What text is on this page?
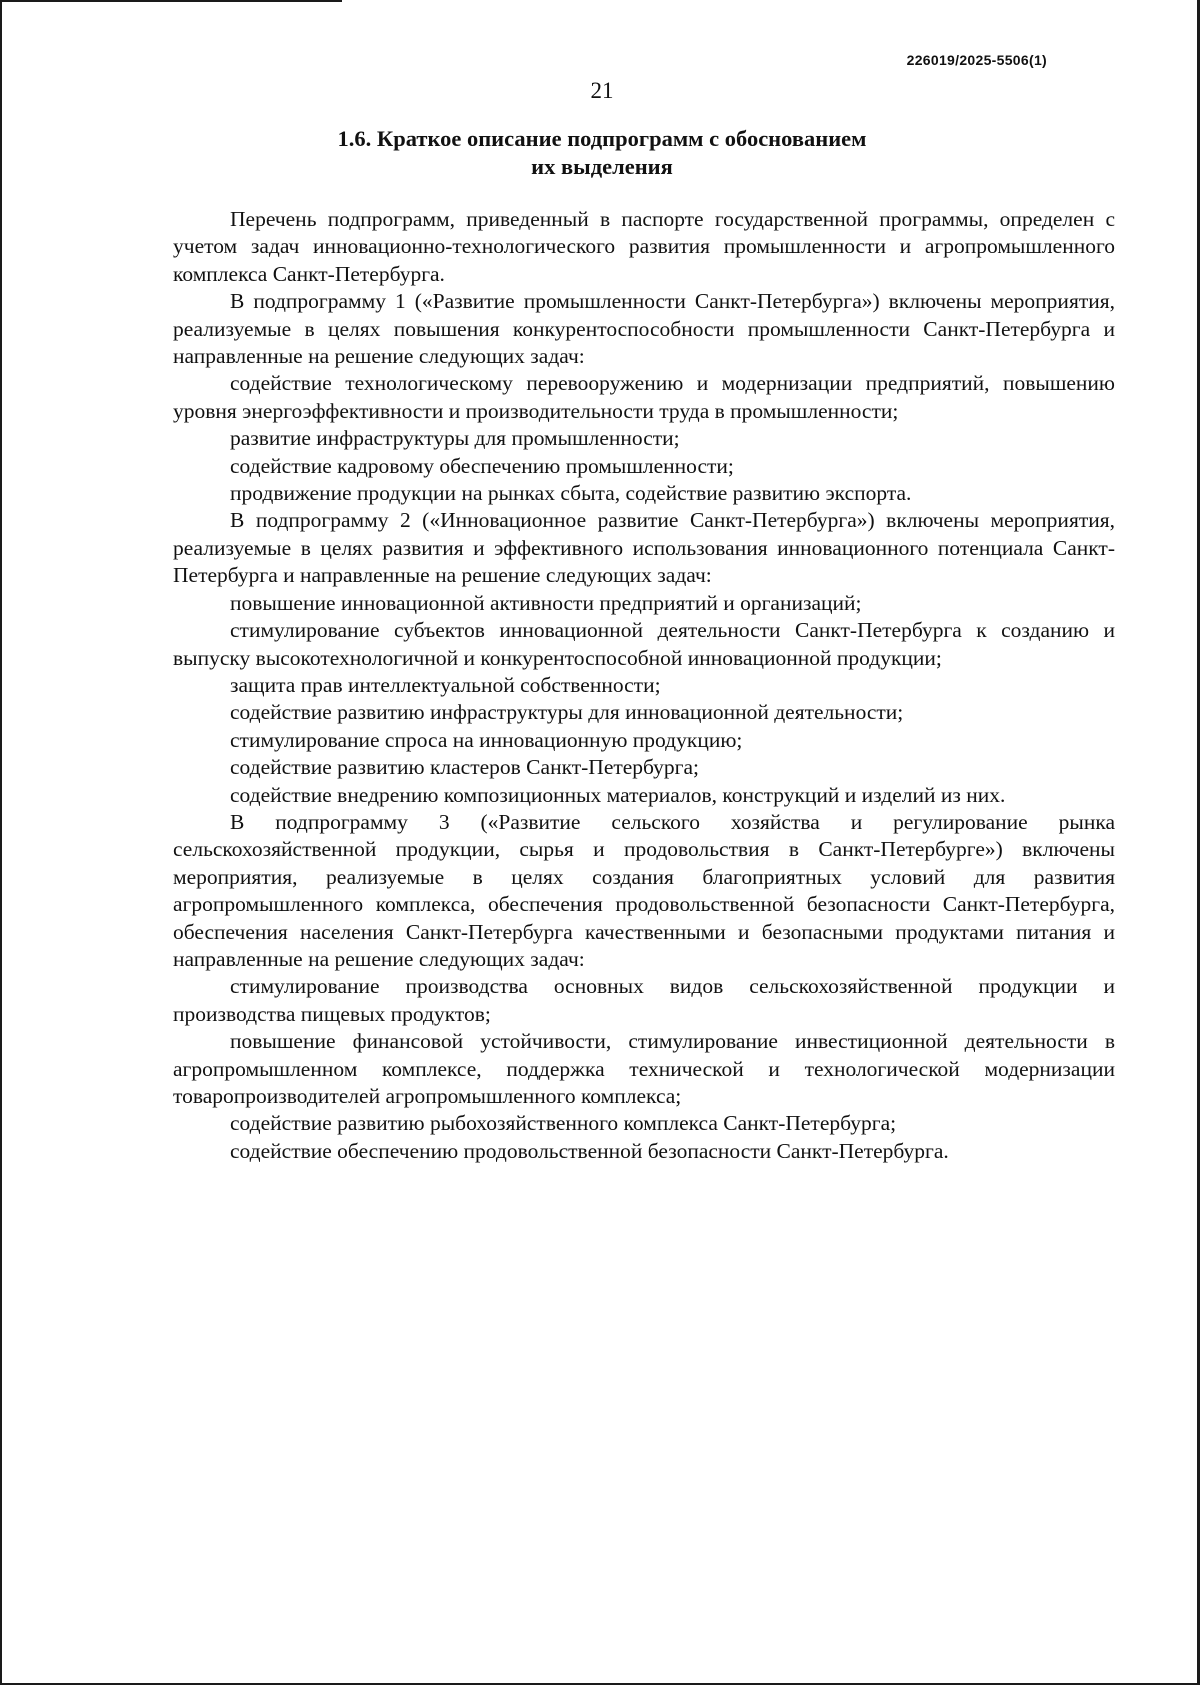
226019/2025-5506(1)
21
1.6. Краткое описание подпрограмм с обоснованием
их выделения

Перечень подпрограмм, приведенный в паспорте государственной программы, определен с учетом задач инновационно-технологического развития промышленности и агропромышленного комплекса Санкт-Петербурга.

В подпрограмму 1 («Развитие промышленности Санкт-Петербурга») включены мероприятия, реализуемые в целях повышения конкурентоспособности промышленности Санкт-Петербурга и направленные на решение следующих задач:

содействие технологическому перевооружению и модернизации предприятий, повышению уровня энергоэффективности и производительности труда в промышленности;

развитие инфраструктуры для промышленности;

содействие кадровому обеспечению промышленности;

продвижение продукции на рынках сбыта, содействие развитию экспорта.

В подпрограмму 2 («Инновационное развитие Санкт-Петербурга») включены мероприятия, реализуемые в целях развития и эффективного использования инновационного потенциала Санкт-Петербурга и направленные на решение следующих задач:

повышение инновационной активности предприятий и организаций;

стимулирование субъектов инновационной деятельности Санкт-Петербурга к созданию и выпуску высокотехнологичной и конкурентоспособной инновационной продукции;

защита прав интеллектуальной собственности;

содействие развитию инфраструктуры для инновационной деятельности;

стимулирование спроса на инновационную продукцию;

содействие развитию кластеров Санкт-Петербурга;

содействие внедрению композиционных материалов, конструкций и изделий из них.

В подпрограмму 3 («Развитие сельского хозяйства и регулирование рынка сельскохозяйственной продукции, сырья и продовольствия в Санкт-Петербурге») включены мероприятия, реализуемые в целях создания благоприятных условий для развития агропромышленного комплекса, обеспечения продовольственной безопасности Санкт-Петербурга, обеспечения населения Санкт-Петербурга качественными и безопасными продуктами питания и направленные на решение следующих задач:

стимулирование производства основных видов сельскохозяйственной продукции и производства пищевых продуктов;

повышение финансовой устойчивости, стимулирование инвестиционной деятельности в агропромышленном комплексе, поддержка технической и технологической модернизации товаропроизводителей агропромышленного комплекса;

содействие развитию рыбохозяйственного комплекса Санкт-Петербурга;

содействие обеспечению продовольственной безопасности Санкт-Петербурга.
